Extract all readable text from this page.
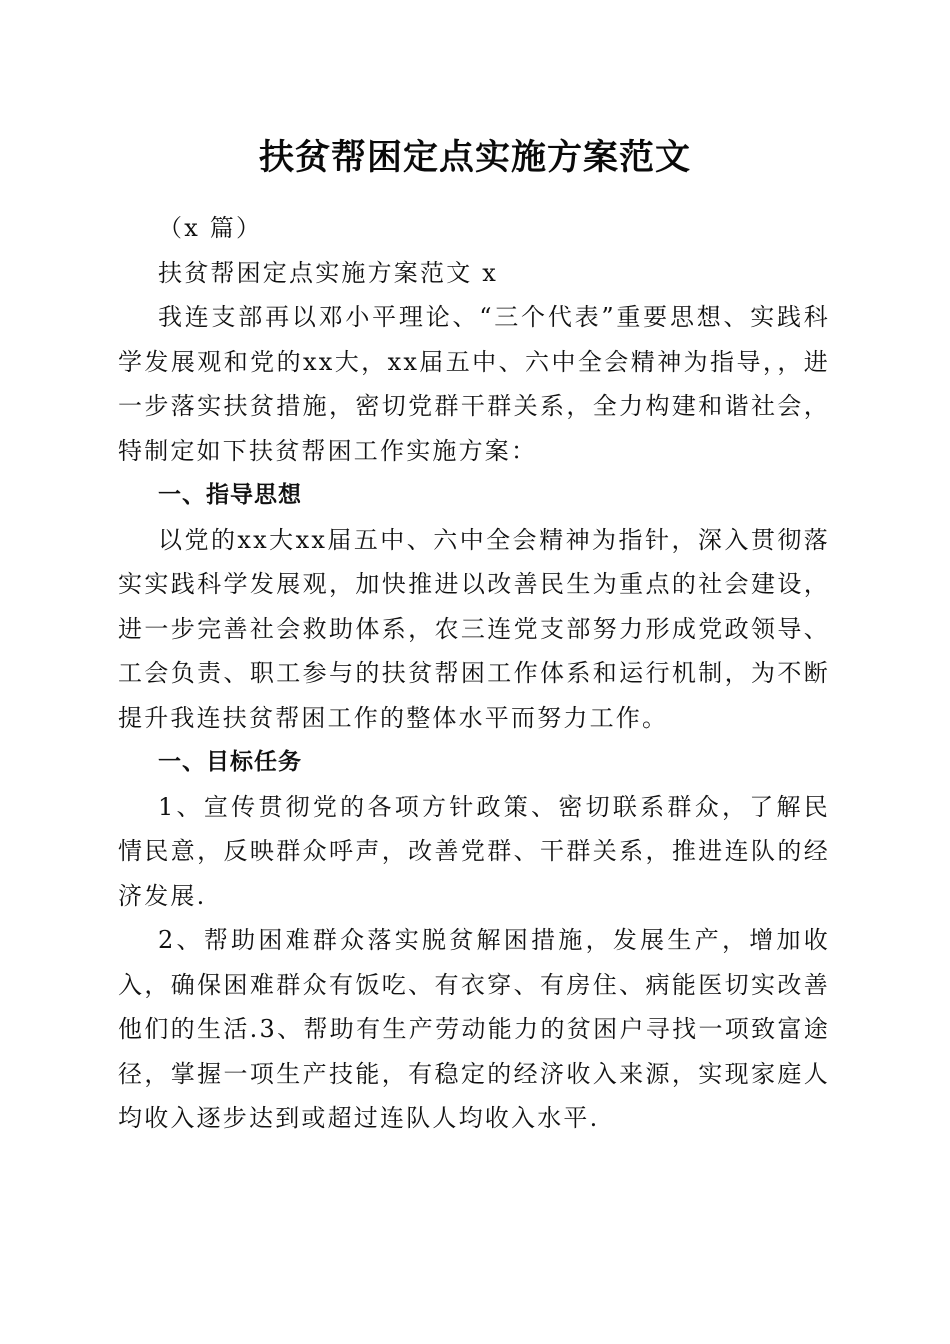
扶贫帮困定点实施方案范文

（x 篇）

扶贫帮困定点实施方案范文 x

我连支部再以邓小平理论、“三个代表”重要思想、实践科学发展观和党的xx大，xx届五中、六中全会精神为指导，，进一步落实扶贫措施，密切党群干群关系，全力构建和谐社会，特制定如下扶贫帮困工作实施方案：

一、指导思想

以党的xx大xx届五中、六中全会精神为指针，深入贯彻落实实践科学发展观，加快推进以改善民生为重点的社会建设，进一步完善社会救助体系，农三连党支部努力形成党政领导、工会负责、职工参与的扶贫帮困工作体系和运行机制，为不断提升我连扶贫帮困工作的整体水平而努力工作。

一、目标任务

1、宣传贯彻党的各项方针政策、密切联系群众，了解民情民意，反映群众呼声，改善党群、干群关系，推进连队的经济发展.

2、帮助困难群众落实脱贫解困措施，发展生产，增加收入，确保困难群众有饭吃、有衣穿、有房住、病能医切实改善他们的生活.3、帮助有生产劳动能力的贫困户寻找一项致富途径，掌握一项生产技能，有稳定的经济收入来源，实现家庭人均收入逐步达到或超过连队人均收入水平.
